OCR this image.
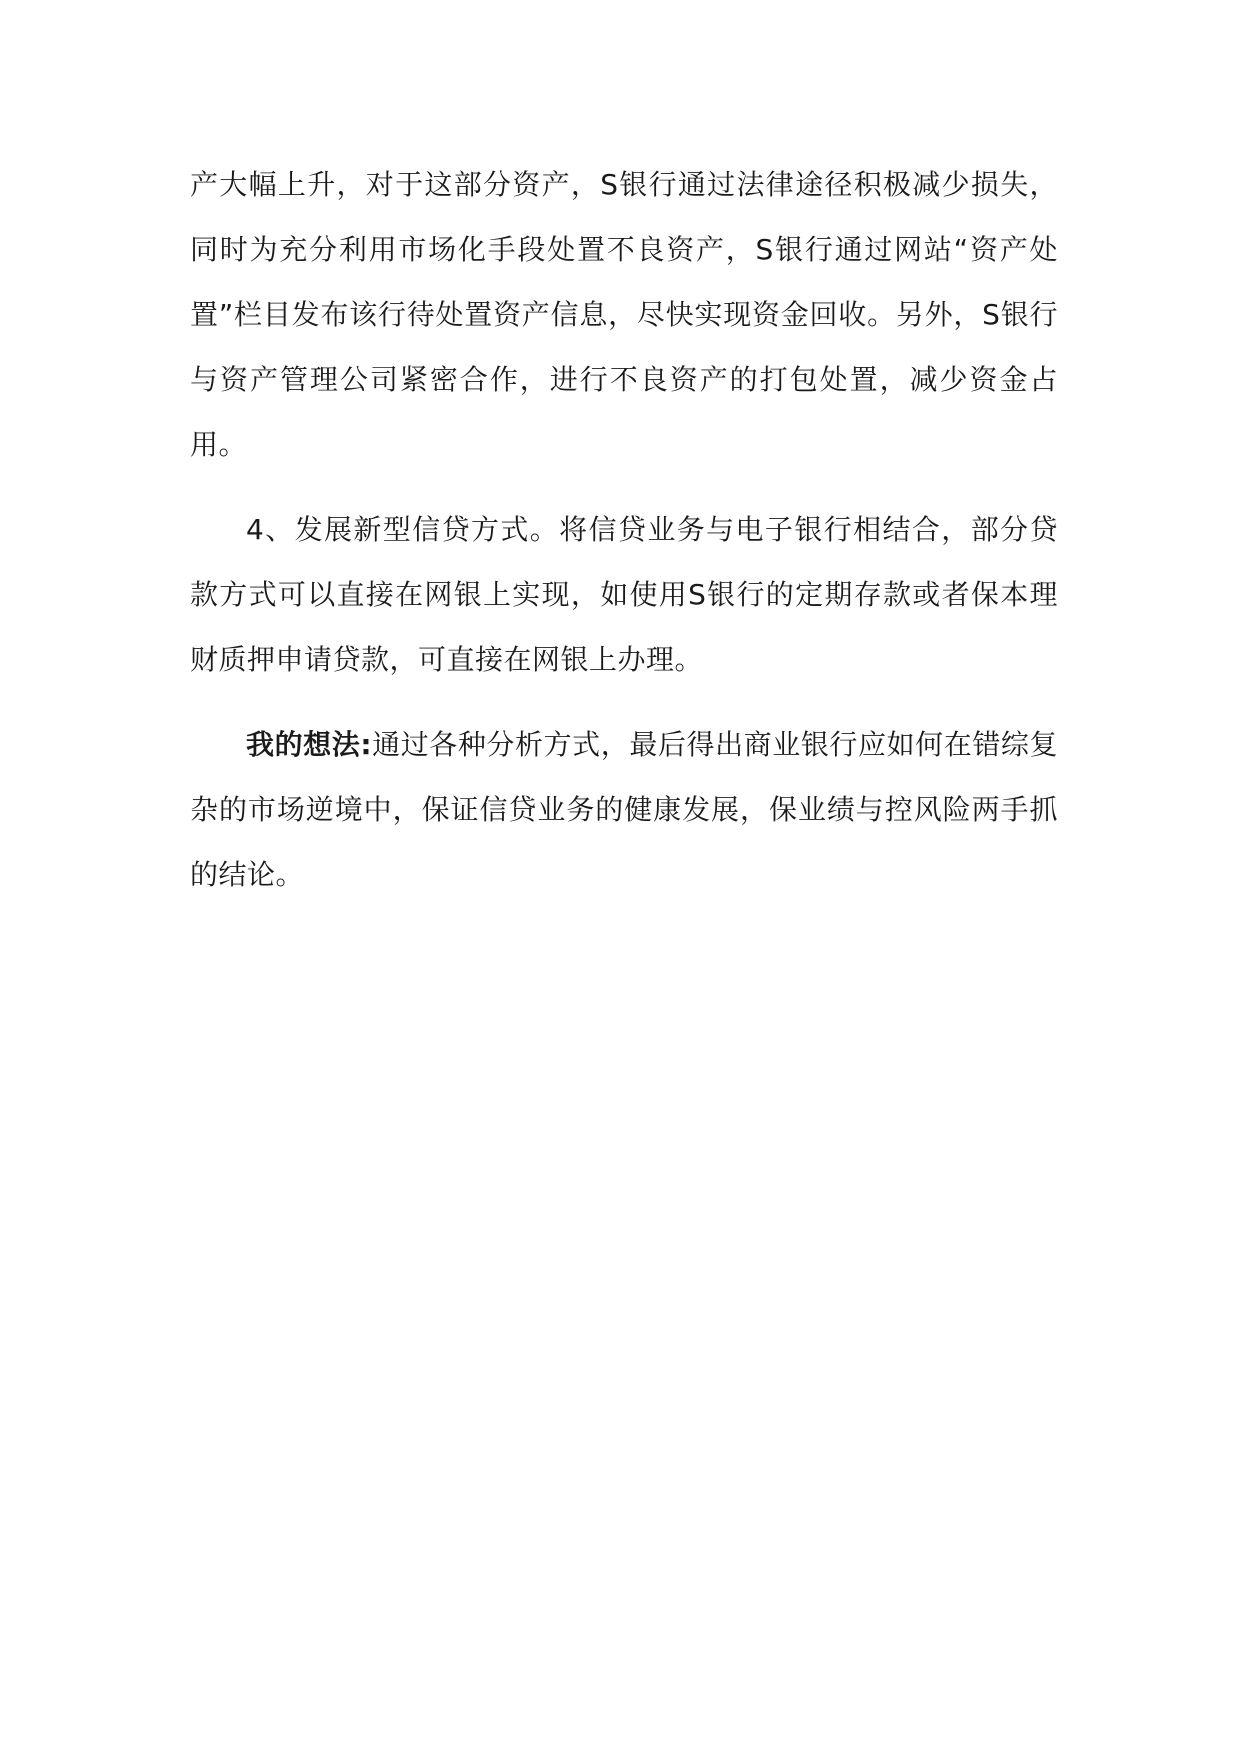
产大幅上升，对于这部分资产，S银行通过法律途径积极减少损失，同时为充分利用市场化手段处置不良资产，S银行通过网站“资产处置”栏目发布该行待处置资产信息，尽快实现资金回收。另外，S银行与资产管理公司紧密合作，进行不良资产的打包处置，减少资金占用。

4、发展新型信贷方式。将信贷业务与电子银行相结合，部分贷款方式可以直接在网银上实现，如使用S银行的定期存款或者保本理财质押申请贷款，可直接在网银上办理。

我的想法:通过各种分析方式，最后得出商业银行应如何在错综复杂的市场逆境中，保证信贷业务的健康发展，保业绩与控风险两手抓的结论。
